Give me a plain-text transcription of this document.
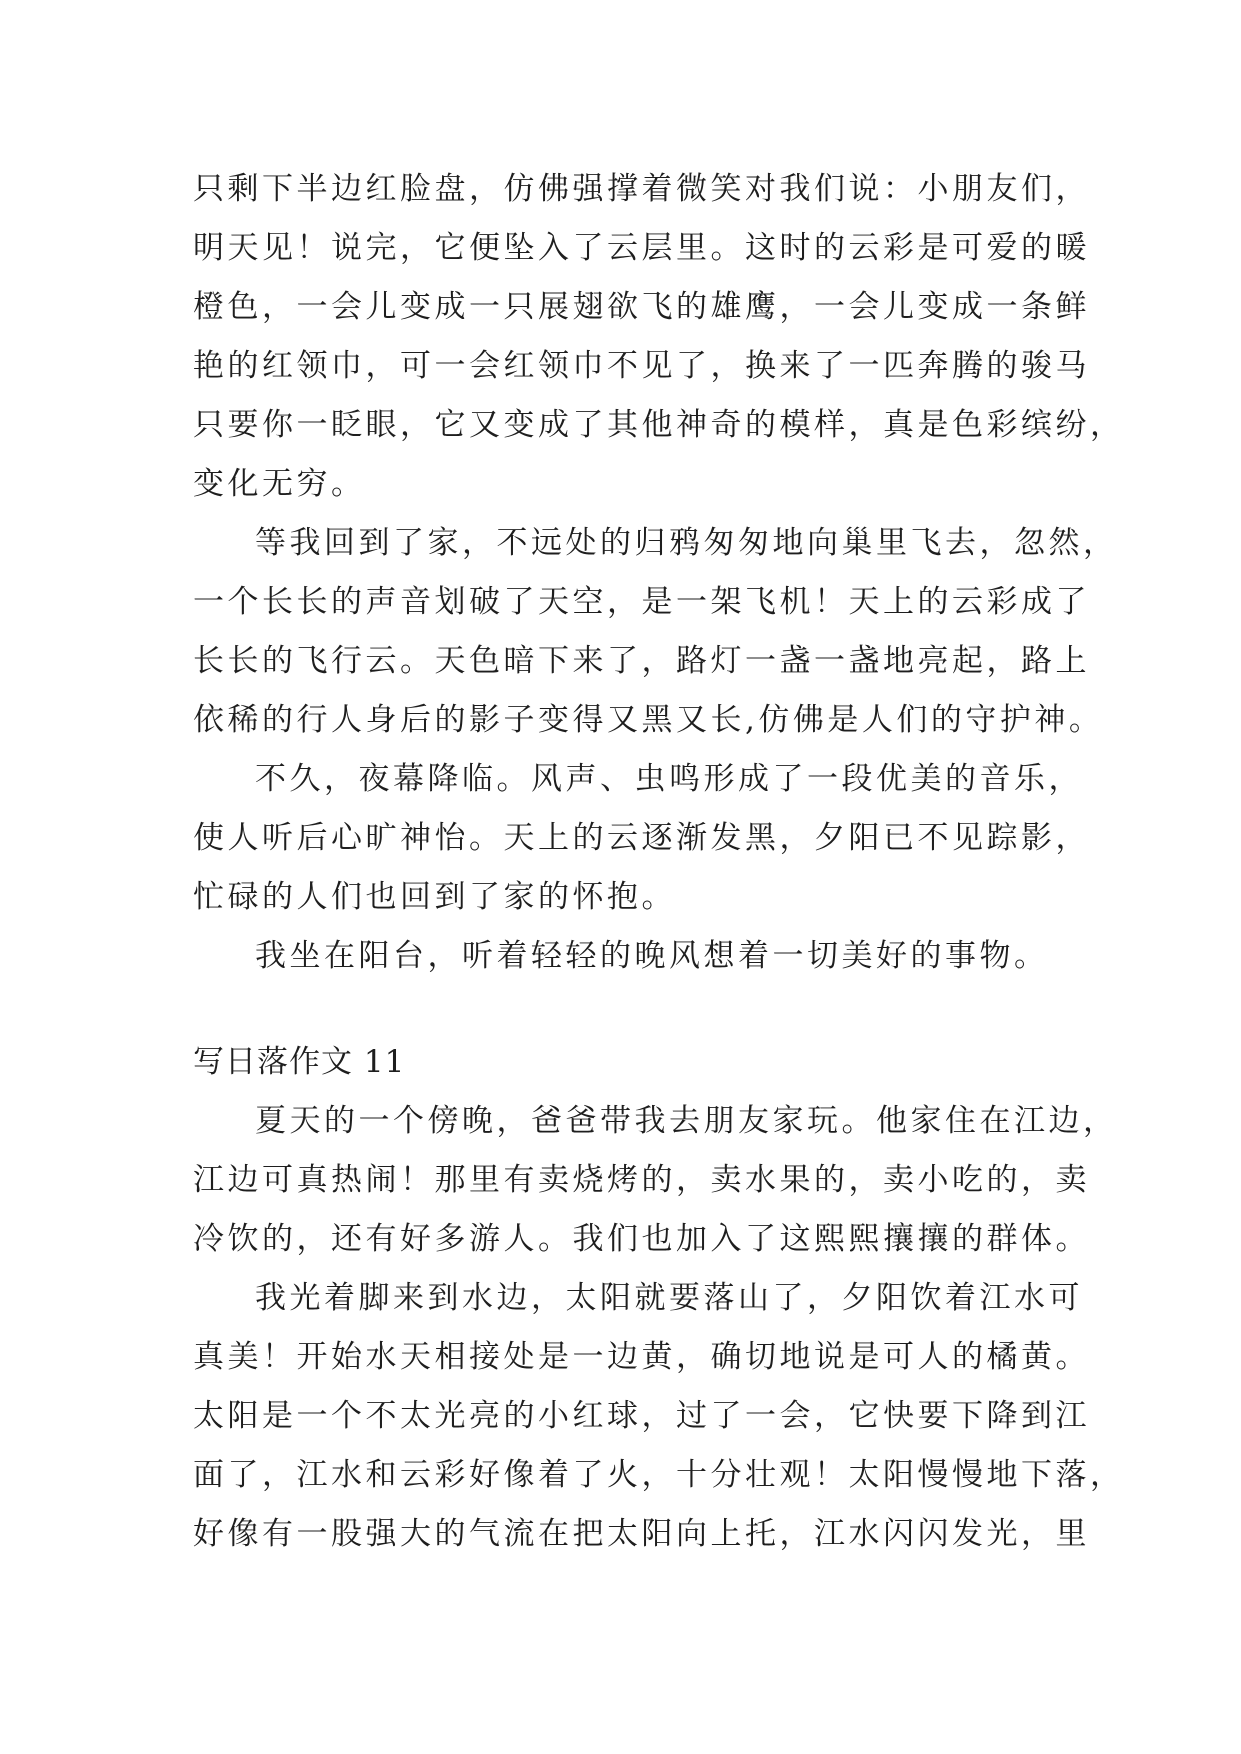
只剩下半边红脸盘，仿佛强撑着微笑对我们说：小朋友们，
明天见！说完，它便坠入了云层里。这时的云彩是可爱的暖
橙色，一会儿变成一只展翅欲飞的雄鹰，一会儿变成一条鲜
艳的红领巾，可一会红领巾不见了，换来了一匹奔腾的骏马
只要你一眨眼，它又变成了其他神奇的模样，真是色彩缤纷，
变化无穷。
等我回到了家，不远处的归鸦匆匆地向巢里飞去，忽然，
一个长长的声音划破了天空，是一架飞机！天上的云彩成了
长长的飞行云。天色暗下来了，路灯一盏一盏地亮起，路上
依稀的行人身后的影子变得又黑又长,仿佛是人们的守护神。
不久，夜幕降临。风声、虫鸣形成了一段优美的音乐，
使人听后心旷神怡。天上的云逐渐发黑，夕阳已不见踪影，
忙碌的人们也回到了家的怀抱。
我坐在阳台，听着轻轻的晚风想着一切美好的事物。
写日落作文 11
夏天的一个傍晚，爸爸带我去朋友家玩。他家住在江边，
江边可真热闹！那里有卖烧烤的，卖水果的，卖小吃的，卖
冷饮的，还有好多游人。我们也加入了这熙熙攘攘的群体。
我光着脚来到水边，太阳就要落山了，夕阳饮着江水可
真美！开始水天相接处是一边黄，确切地说是可人的橘黄。
太阳是一个不太光亮的小红球，过了一会，它快要下降到江
面了，江水和云彩好像着了火，十分壮观！太阳慢慢地下落，
好像有一股强大的气流在把太阳向上托，江水闪闪发光，里
